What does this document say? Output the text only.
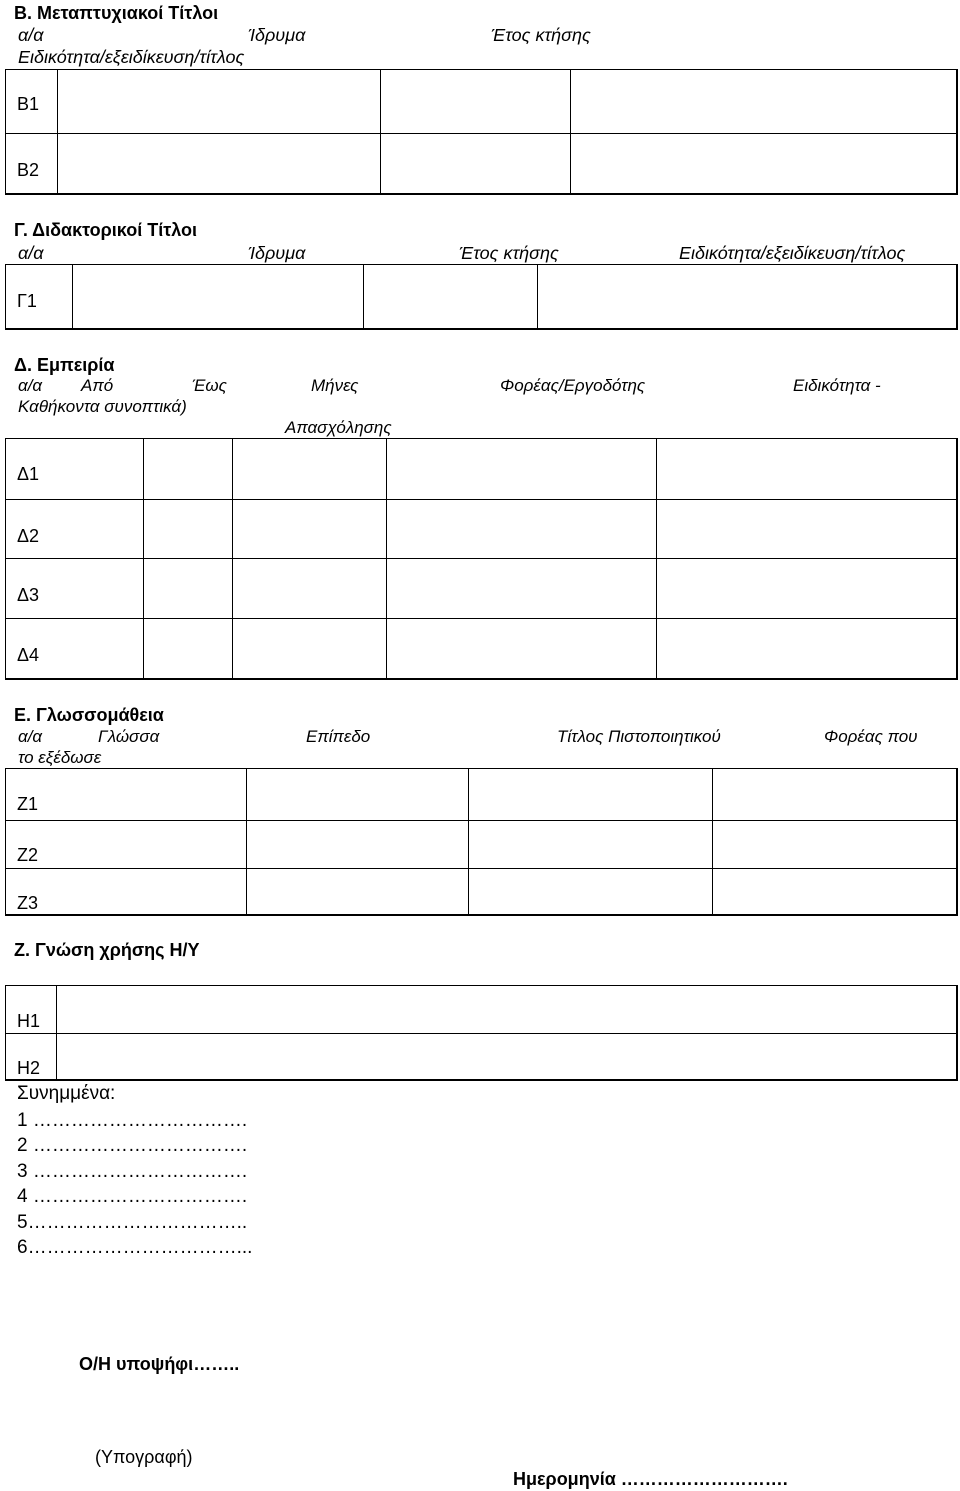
Β. Μεταπτυχιακοί Τίτλοι
α/α	Ίδρυμα	Έτος κτήσης
Ειδικότητα/εξειδίκευση/τίτλος
Β1
Β2
Γ. Διδακτορικοί Τίτλοι
α/α	Ίδρυμα	Έτος κτήσης	Ειδικότητα/εξειδίκευση/τίτλος
Γ1
Δ. Εμπειρία
α/α Από	Έως	Μήνες	Φορέας/Εργοδότης	Ειδικότητα -
Καθήκοντα συνοπτικά)
Απασχόλησης
Δ1
Δ2
Δ3
Δ4
Ε. Γλωσσομάθεια
α/α	Γλώσσα	Επίπεδο	Τίτλος Πιστοποιητικού	Φορέας που
το εξέδωσε
Ζ1
Ζ2
Ζ3
Ζ. Γνώση χρήσης Η/Υ
Η1
Η2
Συνημμένα:
1 …………………………….
2 …………………………….
3 …………………………….
4 …………………………….
5……………………………..
6……………………………...
Ο/Η υποψήφι……..
(Υπογραφή)
Ημερομηνία ……………………….
